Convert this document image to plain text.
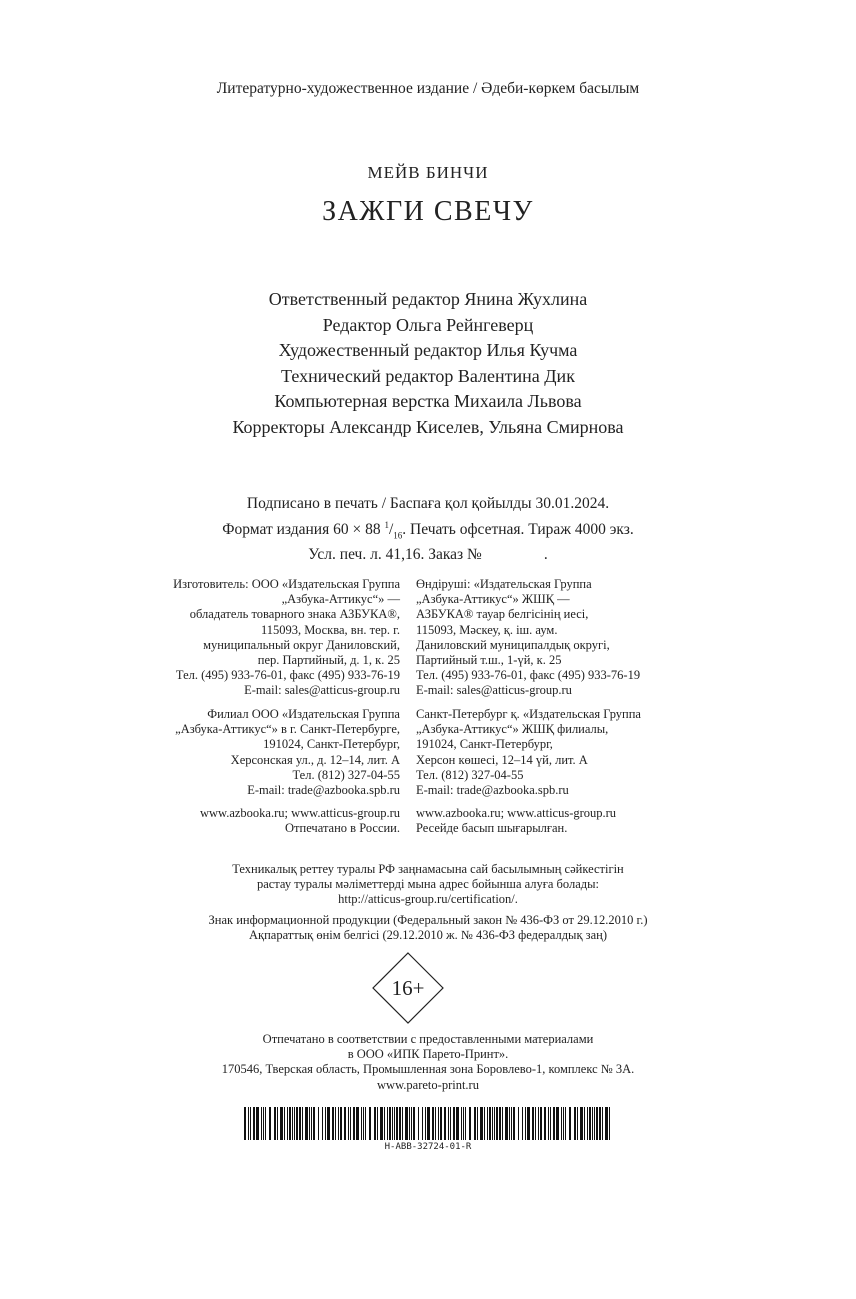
Литературно-художественное издание / Әдеби-көркем басылым
МЕЙВ БИНЧИ
ЗАЖГИ СВЕЧУ
Ответственный редактор Янина Жухлина
Редактор Ольга Рейнгеверц
Художественный редактор Илья Кучма
Технический редактор Валентина Дик
Компьютерная верстка Михаила Львова
Корректоры Александр Киселев, Ульяна Смирнова
Подписано в печать / Баспаға қол қойылды 30.01.2024.
Формат издания 60 × 88 $^1/_{16}$. Печать офсетная. Тираж 4000 экз.
Усл. печ. л. 41,16. Заказ №	.
Изготовитель: ООО «Издательская Группа
„Азбука-Аттикус“» —
обладатель товарного знака АЗБУКА®,
115093, Москва, вн. тер. г.
муниципальный округ Даниловский,
пер. Партийный, д. 1, к. 25
Тел. (495) 933-76-01, факс (495) 933-76-19
E-mail: sales@atticus-group.ru
Өндіруші: «Издательская Группа
„Азбука-Аттикус“» ЖШҚ —
АЗБУКА® тауар белгісінің иесі,
115093, Мәскеу, қ. іш. аум.
Даниловский муниципалдық округі,
Партийный т.ш., 1-үй, к. 25
Тел. (495) 933-76-01, факс (495) 933-76-19
E-mail: sales@atticus-group.ru
Филиал ООО «Издательская Группа
„Азбука-Аттикус“» в г. Санкт-Петербурге,
191024, Санкт-Петербург,
Херсонская ул., д. 12–14, лит. А
Тел. (812) 327-04-55
E-mail: trade@azbooka.spb.ru
Санкт-Петербург қ. «Издательская Группа
„Азбука-Аттикус“» ЖШҚ филиалы,
191024, Санкт-Петербург,
Херсон көшесі, 12–14 үй, лит. А
Тел. (812) 327-04-55
E-mail: trade@azbooka.spb.ru
www.azbooka.ru; www.atticus-group.ru
Отпечатано в России.
www.azbooka.ru; www.atticus-group.ru
Ресейде басып шығарылған.
Техникалық реттеу туралы РФ заңнамасына сай басылымның сәйкестігін
растау туралы мәліметтерді мына адрес бойынша алуға болады:
http://atticus-group.ru/certification/.
Знак информационной продукции (Федеральный закон № 436-ФЗ от 29.12.2010 г.)
Ақпараттық өнім белгісі (29.12.2010 ж. № 436-ФЗ федералдық заң)
16+
Отпечатано в соответствии с предоставленными материалами
в ООО «ИПК Парето-Принт».
170546, Тверская область, Промышленная зона Боровлево-1, комплекс № 3А.
www.pareto-print.ru
H-ABB-32724-01-R
